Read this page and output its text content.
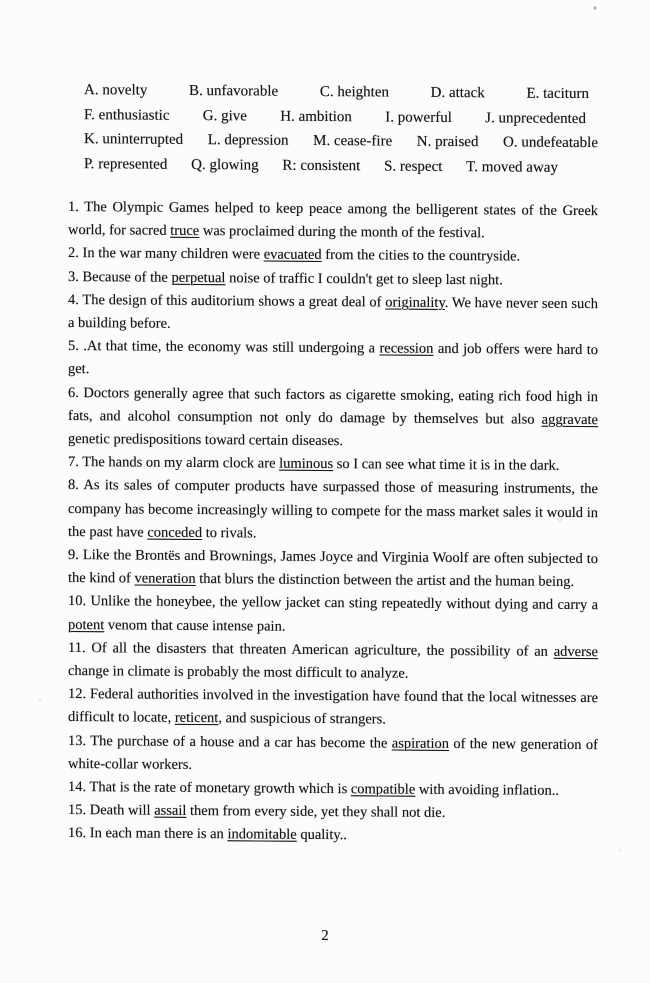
A. novelty	B. unfavorable	C. heighten	D. attack	E. taciturn
F. enthusiastic G. give H. ambition I. powerful J. unprecedented
K. uninterrupted L. depression M. cease-fire N. praised O. undefeatable
P. represented Q. glowing R: consistent S. respect T. moved away

1. The Olympic Games helped to keep peace among the belligerent states of the Greek world, for sacred truce was proclaimed during the month of the festival.

2. In the war many children were evacuated from the cities to the countryside.

3. Because of the perpetual noise of traffic I couldn't get to sleep last night.

4. The design of this auditorium shows a great deal of originality. We have never seen such a building before.

5. .At that time, the economy was still undergoing a recession and job offers were hard to get.

6. Doctors generally agree that such factors as cigarette smoking, eating rich food high in fats, and alcohol consumption not only do damage by themselves but also aggravate genetic predispositions toward certain diseases.

7. The hands on my alarm clock are luminous so I can see what time it is in the dark.

8. As its sales of computer products have surpassed those of measuring instruments, the company has become increasingly willing to compete for the mass market sales it would in the past have conceded to rivals.

9. Like the Brontës and Brownings, James Joyce and Virginia Woolf are often subjected to the kind of veneration that blurs the distinction between the artist and the human being.

10. Unlike the honeybee, the yellow jacket can sting repeatedly without dying and carry a potent venom that cause intense pain.

11. Of all the disasters that threaten American agriculture, the possibility of an adverse change in climate is probably the most difficult to analyze.

12. Federal authorities involved in the investigation have found that the local witnesses are difficult to locate, reticent, and suspicious of strangers.

13. The purchase of a house and a car has become the aspiration of the new generation of white-collar workers.

14. That is the rate of monetary growth which is compatible with avoiding inflation..

15. Death will assail them from every side, yet they shall not die.

16. In each man there is an indomitable quality..

2
